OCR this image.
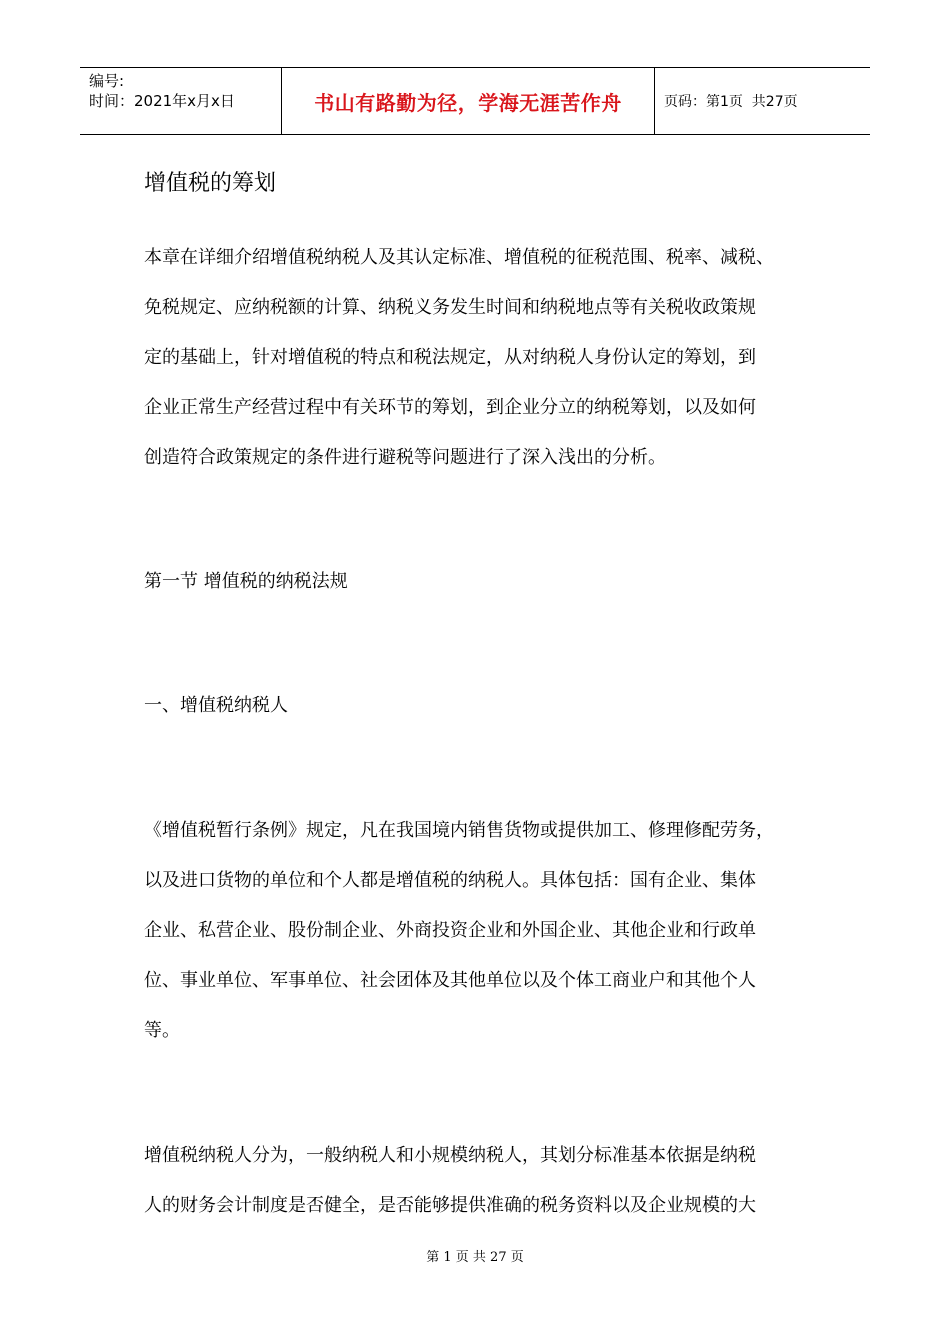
编号:
时间：2021年x月x日	书山有路勤为径，学海无涯苦作舟	页码：第1页  共27页
增值税的筹划

本章在详细介绍增值税纳税人及其认定标准、增值税的征税范围、税率、减税、
免税规定、应纳税额的计算、纳税义务发生时间和纳税地点等有关税收政策规
定的基础上，针对增值税的特点和税法规定，从对纳税人身份认定的筹划，到
企业正常生产经营过程中有关环节的筹划，到企业分立的纳税筹划，以及如何
创造符合政策规定的条件进行避税等问题进行了深入浅出的分析。

第一节 增值税的纳税法规

一、增值税纳税人

《增值税暂行条例》规定，凡在我国境内销售货物或提供加工、修理修配劳务，
以及进口货物的单位和个人都是增值税的纳税人。具体包括：国有企业、集体
企业、私营企业、股份制企业、外商投资企业和外国企业、其他企业和行政单
位、事业单位、军事单位、社会团体及其他单位以及个体工商业户和其他个人
等。

增值税纳税人分为，一般纳税人和小规模纳税人，其划分标准基本依据是纳税
人的财务会计制度是否健全，是否能够提供准确的税务资料以及企业规模的大

第 1 页 共 27 页
